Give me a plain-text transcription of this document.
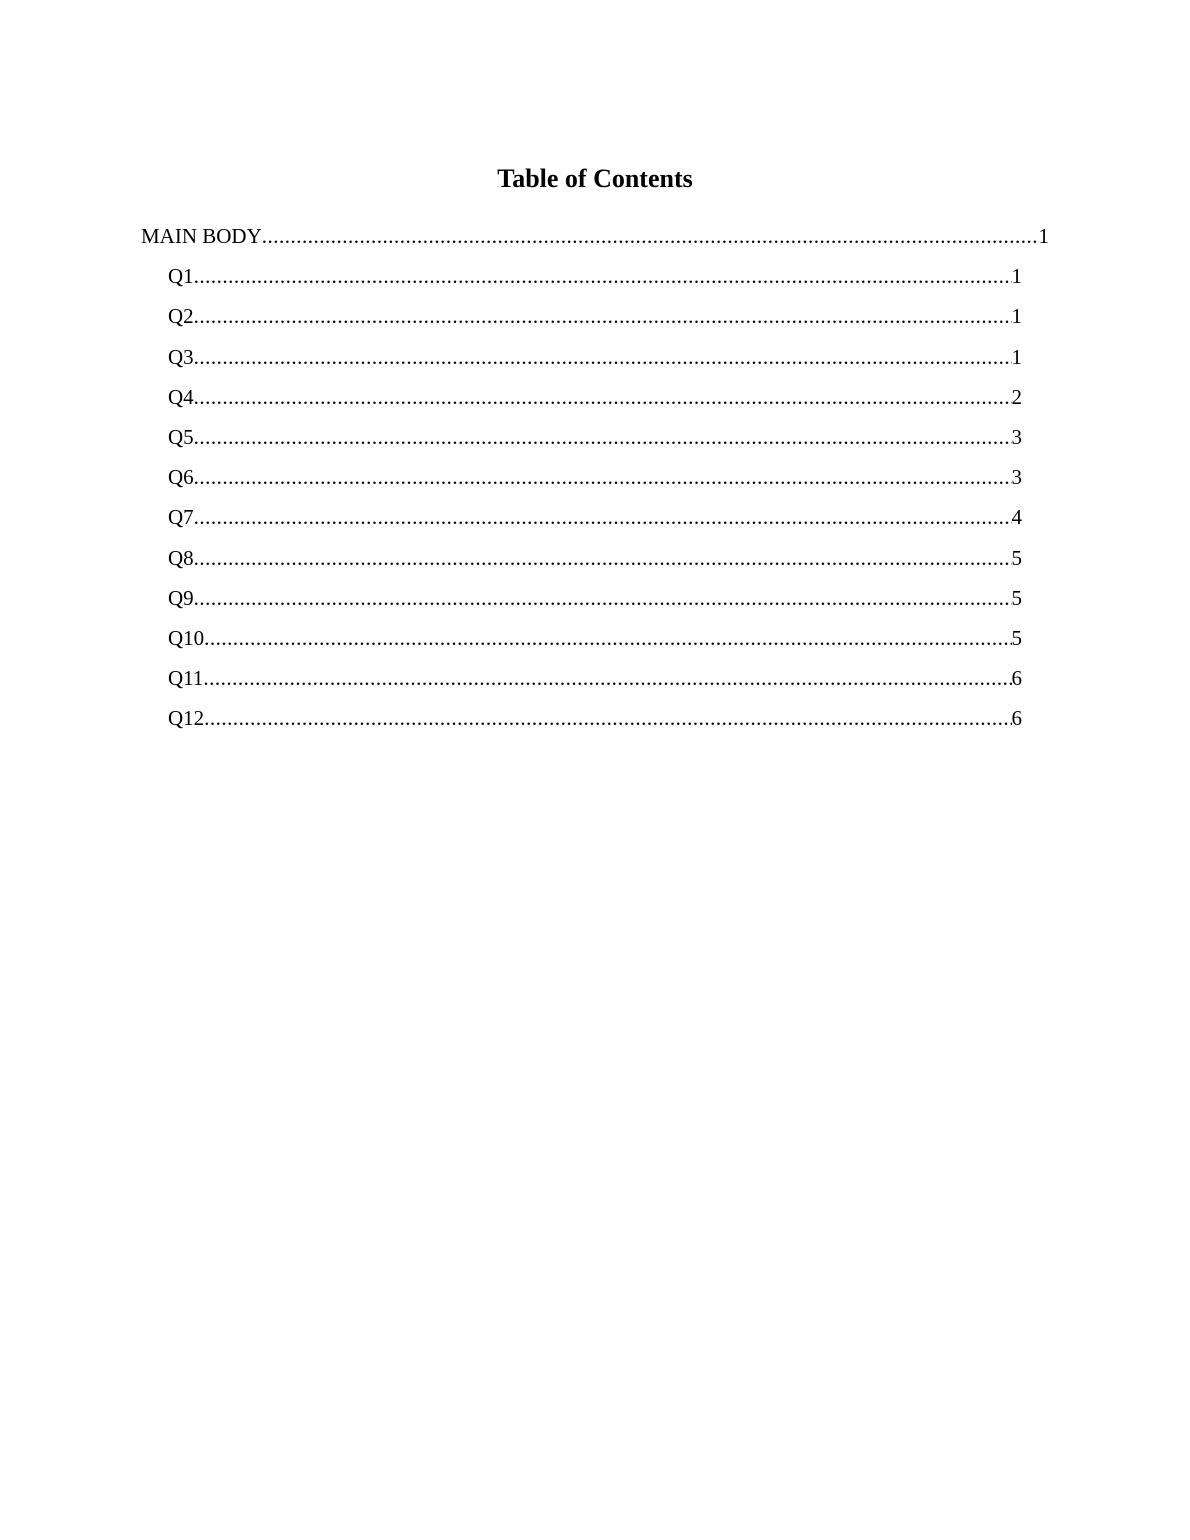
Table of Contents
MAIN BODY .....	1
Q1 .....	1
Q2 .....	1
Q3 .....	1
Q4 .....	2
Q5 .....	3
Q6 .....	3
Q7 .....	4
Q8 .....	5
Q9 .....	5
Q10 .....	5
Q11 .....	6
Q12 .....	6
